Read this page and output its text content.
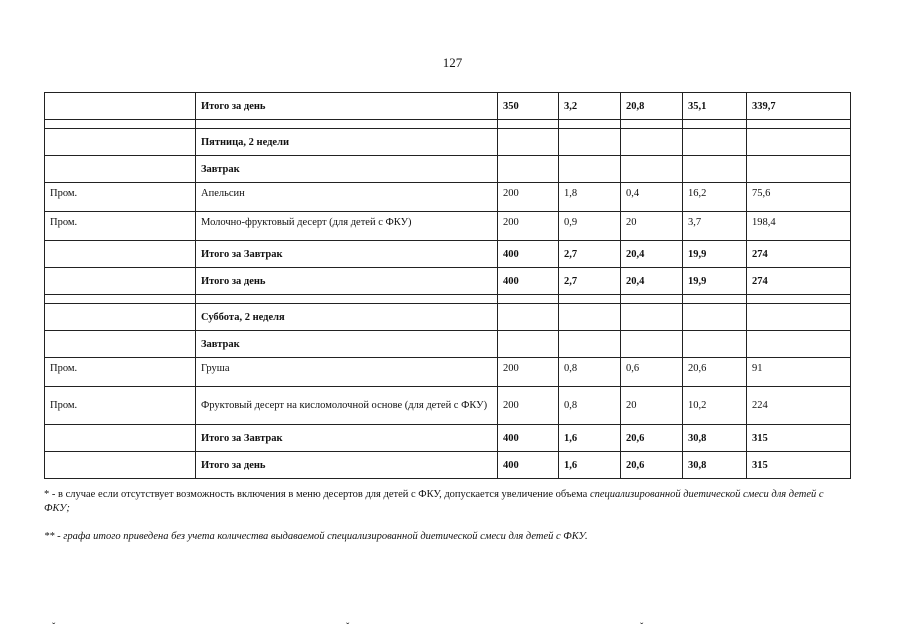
127
	Итого за день	350	3,2	20,8	35,1	339,7

	Пятница, 2 недели					
	Завтрак					
Пром.	Апельсин	200	1,8	0,4	16,2	75,6
Пром.	Молочно-фруктовый десерт (для детей с ФКУ)	200	0,9	20	3,7	198,4
	Итого за Завтрак	400	2,7	20,4	19,9	274
	Итого за день	400	2,7	20,4	19,9	274

	Суббота, 2 неделя					
	Завтрак					
Пром.	Груша	200	0,8	0,6	20,6	91
Пром.	Фруктовый десерт на кисломолочной основе (для детей с ФКУ)	200	0,8	20	10,2	224
	Итого за Завтрак	400	1,6	20,6	30,8	315
	Итого за день	400	1,6	20,6	30,8	315

* - в случае если отсутствует возможность включения в меню десертов для детей с ФКУ, допускается увеличение объема специализированной диетической смеси для детей с ФКУ;

** - графа итого приведена без учета количества выдаваемой специализированной диетической смеси для детей с ФКУ.

ˇ	ˇ	ˇ
